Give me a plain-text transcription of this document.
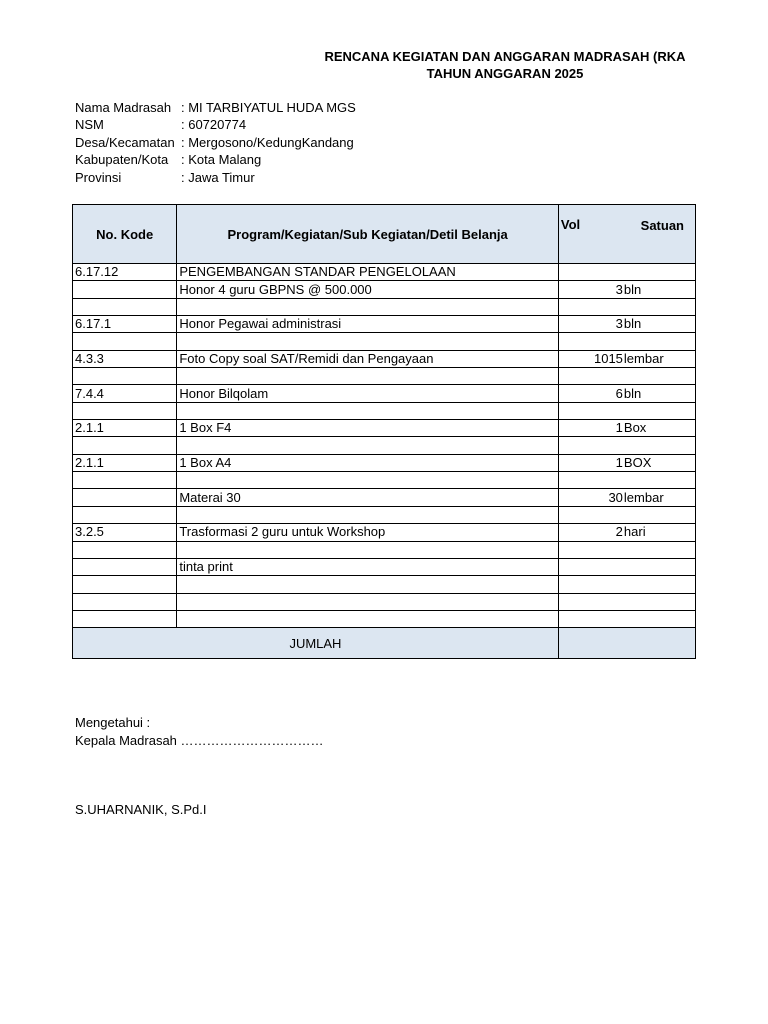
RENCANA KEGIATAN DAN ANGGARAN MADRASAH (RKA
TAHUN ANGGARAN 2025
Nama Madrasah : MI TARBIYATUL HUDA MGS
NSM	: 60720774
Desa/Kecamatan : Mergosono/KedungKandang
Kabupaten/Kota : Kota Malang
Provinsi	: Jawa Timur
No. Kode	Program/Kegiatan/Sub Kegiatan/Detil Belanja	Vol Satuan

6.17.12	PENGEMBANGAN STANDAR PENGELOLAAN	

	Honor 4 guru GBPNS @ 500.000	3 bln

6.17.1	Honor Pegawai administrasi	3 bln

4.3.3	Foto Copy soal SAT/Remidi dan Pengayaan	1015 lembar

7.4.4	Honor Bilqolam	6 bln

2.1.1	1 Box F4	1 Box

2.1.1	1 Box A4	1 BOX

	Materai 30	30 lembar

3.2.5	Trasformasi 2 guru untuk Workshop	2 hari

	tinta print	

JUMLAH		
Mengetahui :
Kepala Madrasah ……………………………
S.UHARNANIK, S.Pd.I
